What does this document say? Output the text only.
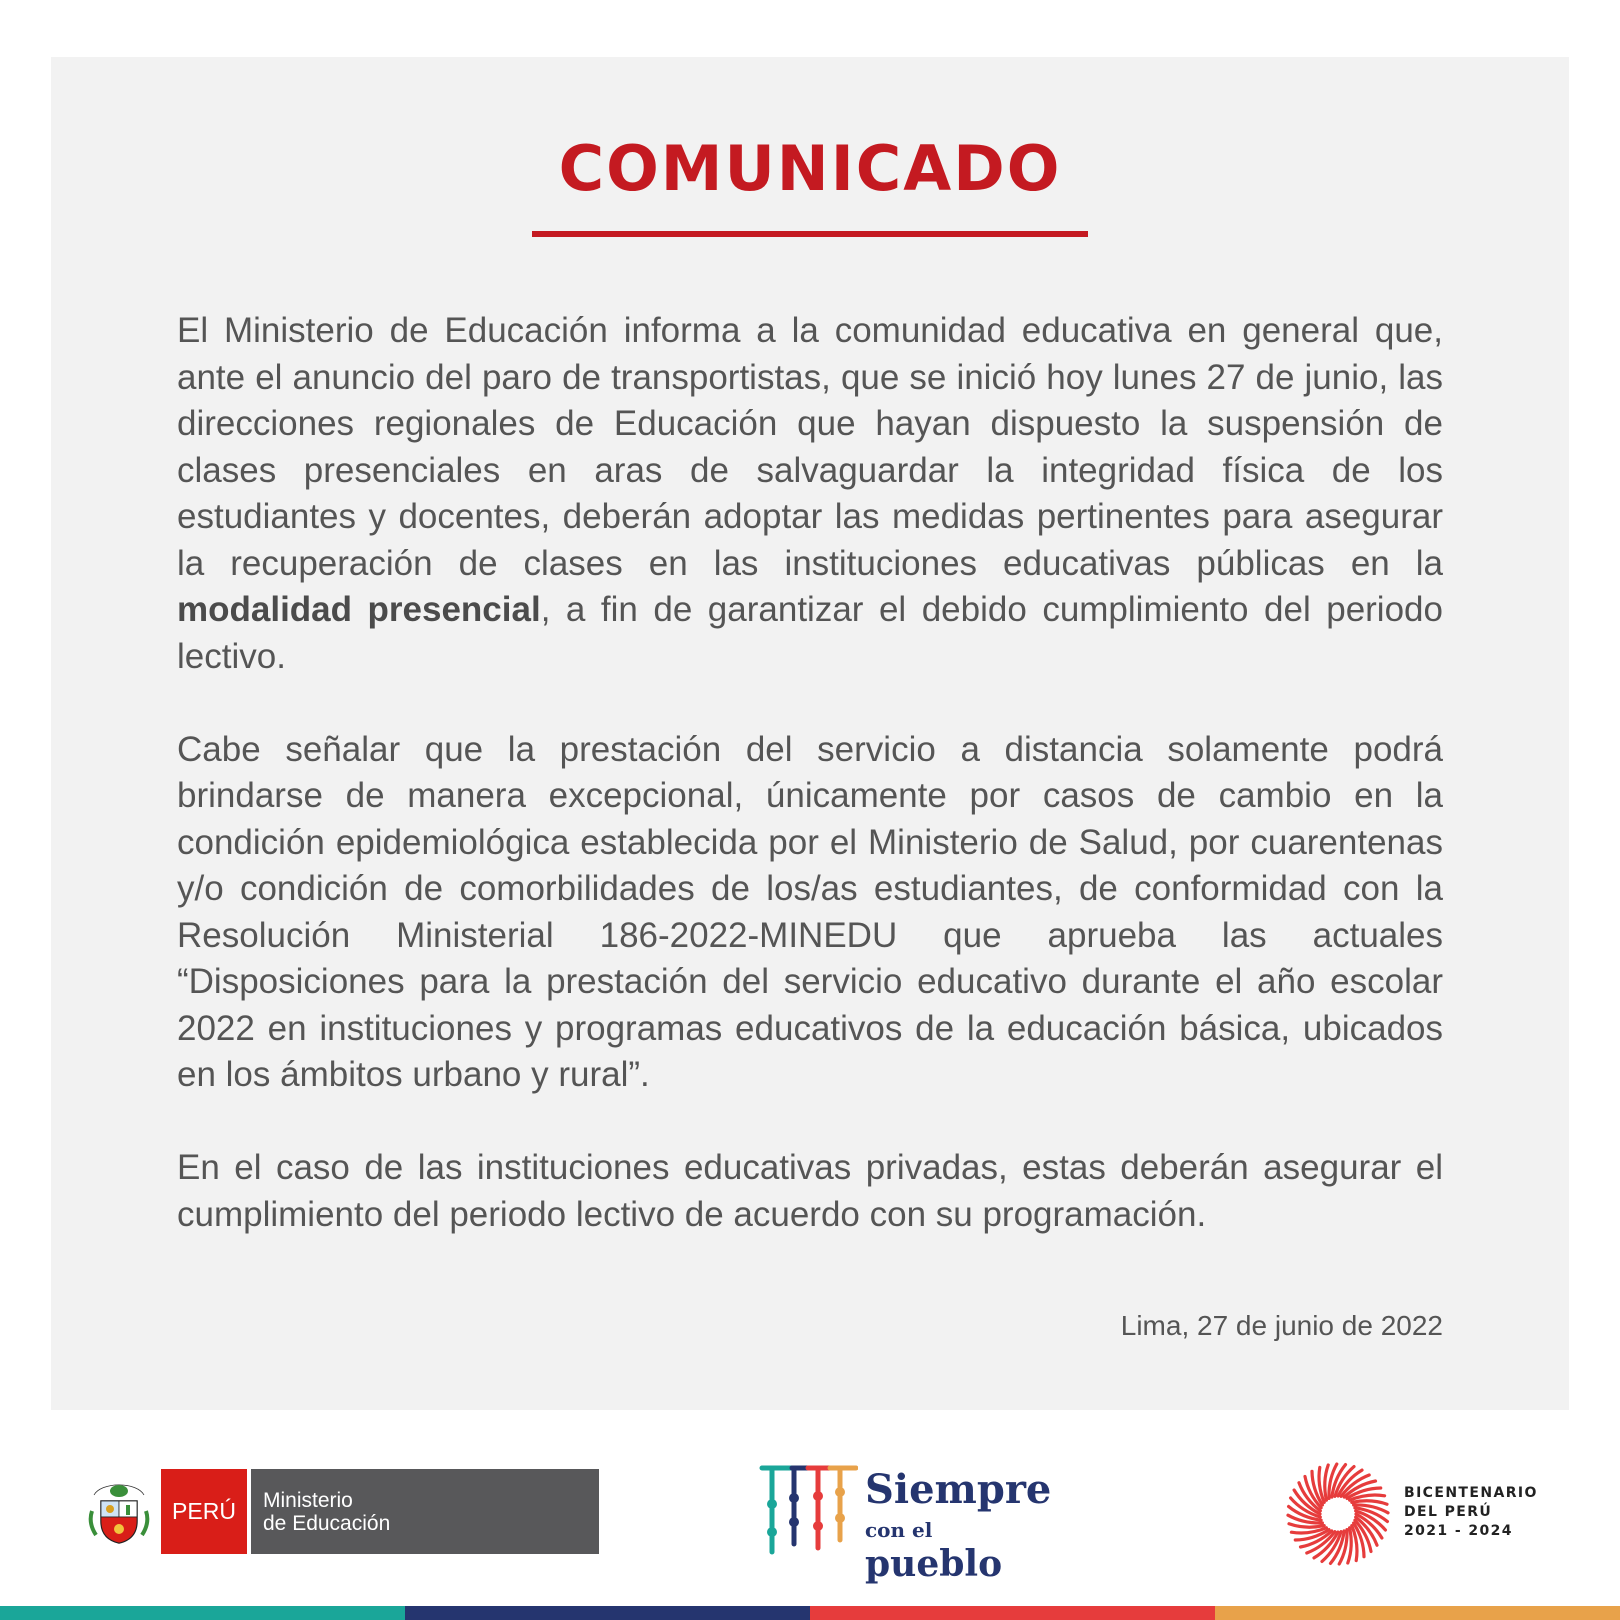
COMUNICADO

El Ministerio de Educación informa a la comunidad educativa en general que, ante el anuncio del paro de transportistas, que se inició hoy lunes 27 de junio, las direcciones regionales de Educación que hayan dispuesto la suspensión de clases presenciales en aras de salvaguardar la integridad física de los estudiantes y docentes, deberán adoptar las medidas pertinentes para asegurar la recuperación de clases en las instituciones educativas públicas en la modalidad presencial, a fin de garantizar el debido cumplimiento del periodo lectivo.

Cabe señalar que la prestación del servicio a distancia solamente podrá brindarse de manera excepcional, únicamente por casos de cambio en la condición epidemiológica establecida por el Ministerio de Salud, por cuarentenas y/o condición de comorbilidades de los/as estudiantes, de conformidad con la Resolución Ministerial 186-2022-MINEDU que aprueba las actuales “Disposiciones para la prestación del servicio educativo durante el año escolar 2022 en instituciones y programas educativos de la educación básica, ubicados en los ámbitos urbano y rural”.

En el caso de las instituciones educativas privadas, estas deberán asegurar el cumplimiento del periodo lectivo de acuerdo con su programación.

Lima, 27 de junio de 2022
PERÚ	Ministerio
de Educación
Siempre
con el pueblo
BICENTENARIO
DEL PERÚ
2021 - 2024
